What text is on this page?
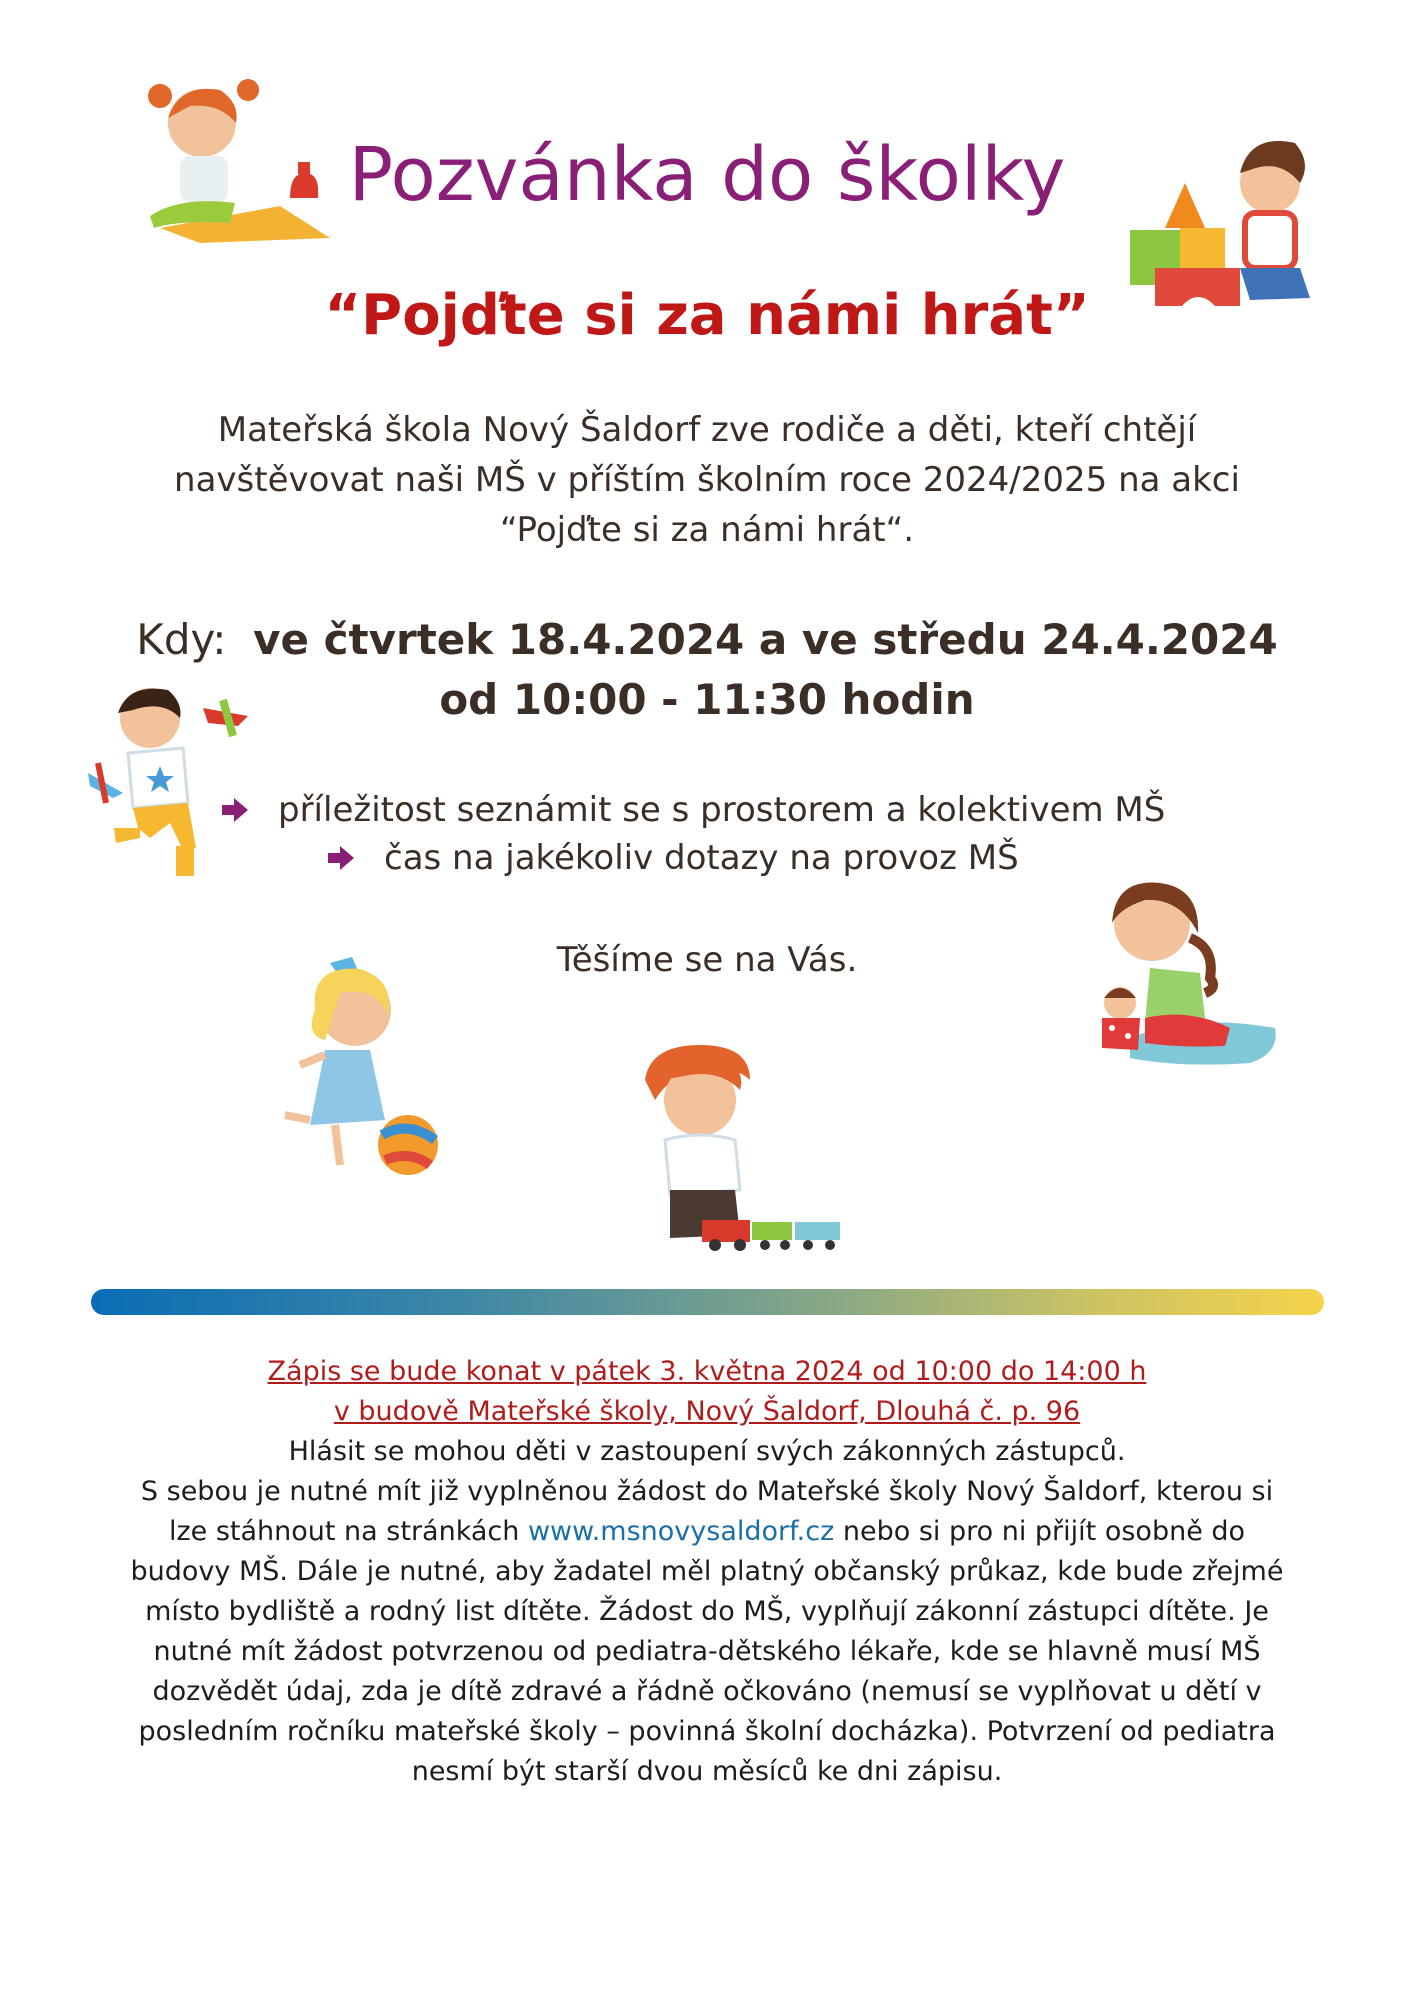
Pozvánka do školky
“Pojďte si za námi hrát”
Mateřská škola Nový Šaldorf zve rodiče a děti, kteří chtějí
navštěvovat naši MŠ v příštím školním roce 2024/2025 na akci
“Pojďte si za námi hrát“.
Kdy: ve čtvrtek 18.4.2024 a ve středu 24.4.2024
od 10:00 - 11:30 hodin
příležitost seznámit se s prostorem a kolektivem MŠ
čas na jakékoliv dotazy na provoz MŠ
Těšíme se na Vás.
Zápis se bude konat v pátek 3. května 2024 od 10:00 do 14:00 h
v budově Mateřské školy, Nový Šaldorf, Dlouhá č. p. 96
Hlásit se mohou děti v zastoupení svých zákonných zástupců.
S sebou je nutné mít již vyplněnou žádost do Mateřské školy Nový Šaldorf, kterou si
lze stáhnout na stránkách www.msnovysaldorf.cz nebo si pro ni přijít osobně do
budovy MŠ. Dále je nutné, aby žadatel měl platný občanský průkaz, kde bude zřejmé
místo bydliště a rodný list dítěte. Žádost do MŠ, vyplňují zákonní zástupci dítěte. Je
nutné mít žádost potvrzenou od pediatra-dětského lékaře, kde se hlavně musí MŠ
dozvědět údaj, zda je dítě zdravé a řádně očkováno (nemusí se vyplňovat u dětí v
posledním ročníku mateřské školy – povinná školní docházka). Potvrzení od pediatra
nesmí být starší dvou měsíců ke dni zápisu.
